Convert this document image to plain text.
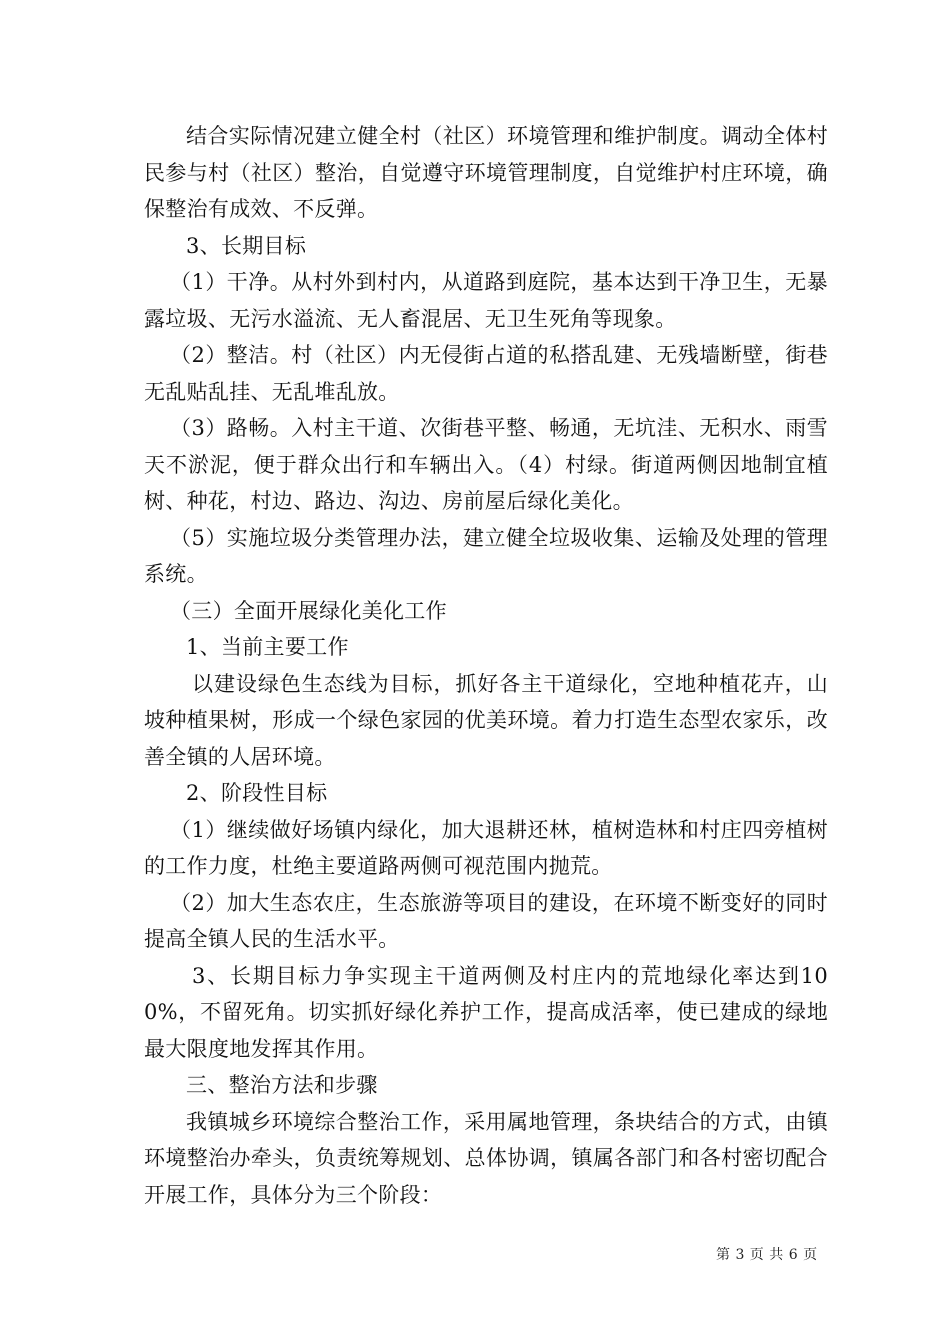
结合实际情况建立健全村（社区）环境管理和维护制度。调动全体村民参与村（社区）整治，自觉遵守环境管理制度，自觉维护村庄环境，确保整治有成效、不反弹。

3、长期目标

（1）干净。从村外到村内，从道路到庭院，基本达到干净卫生，无暴露垃圾、无污水溢流、无人畜混居、无卫生死角等现象。

（2）整洁。村（社区）内无侵街占道的私搭乱建、无残墙断壁，街巷无乱贴乱挂、无乱堆乱放。

（3）路畅。入村主干道、次街巷平整、畅通，无坑洼、无积水、雨雪天不淤泥，便于群众出行和车辆出入。（4）村绿。街道两侧因地制宜植树、种花，村边、路边、沟边、房前屋后绿化美化。

（5）实施垃圾分类管理办法，建立健全垃圾收集、运输及处理的管理系统。

（三）全面开展绿化美化工作

1、当前主要工作

以建设绿色生态线为目标，抓好各主干道绿化，空地种植花卉，山坡种植果树，形成一个绿色家园的优美环境。着力打造生态型农家乐，改善全镇的人居环境。

2、阶段性目标

（1）继续做好场镇内绿化，加大退耕还林，植树造林和村庄四旁植树的工作力度，杜绝主要道路两侧可视范围内抛荒。

（2）加大生态农庄，生态旅游等项目的建设，在环境不断变好的同时提高全镇人民的生活水平。

3、长期目标力争实现主干道两侧及村庄内的荒地绿化率达到100%，不留死角。切实抓好绿化养护工作，提高成活率，使已建成的绿地最大限度地发挥其作用。

三、整治方法和步骤

我镇城乡环境综合整治工作，采用属地管理，条块结合的方式，由镇环境整治办牵头，负责统筹规划、总体协调，镇属各部门和各村密切配合开展工作，具体分为三个阶段：

第 3 页 共 6 页
